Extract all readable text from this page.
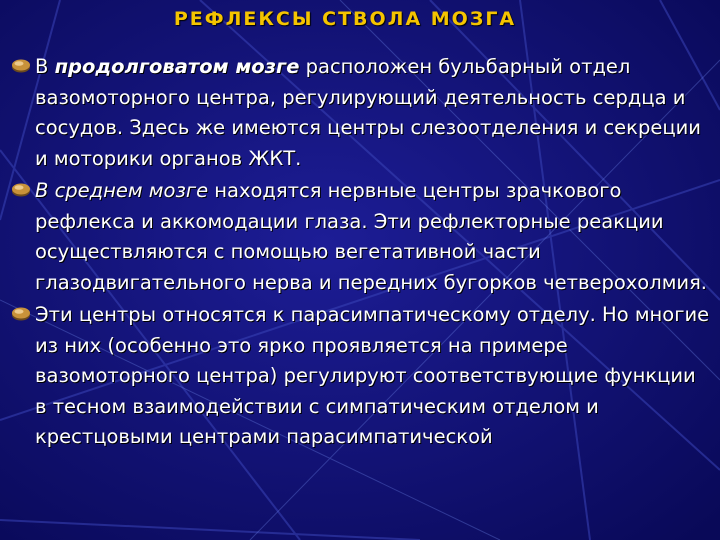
РЕФЛЕКСЫ СТВОЛА МОЗГА
В продолговатом мозге расположен бульбарный отдел вазомоторного центра, регулирующий деятельность сердца и сосудов. Здесь же имеются центры слезоотделения и секреции и моторики органов ЖКТ.
В среднем мозге находятся нервные центры зрачкового рефлекса и аккомодации глаза. Эти рефлекторные реакции осуществляются с помощью вегетативной части глазодвигательного нерва и передних бугорков четверохолмия.
Эти центры относятся к парасимпатическому отделу. Но многие из них (особенно это ярко проявляется на примере вазомоторного центра) регулируют соответствующие функции в тесном взаимодействии с симпатическим отделом и крестцовыми центрами парасимпатической
